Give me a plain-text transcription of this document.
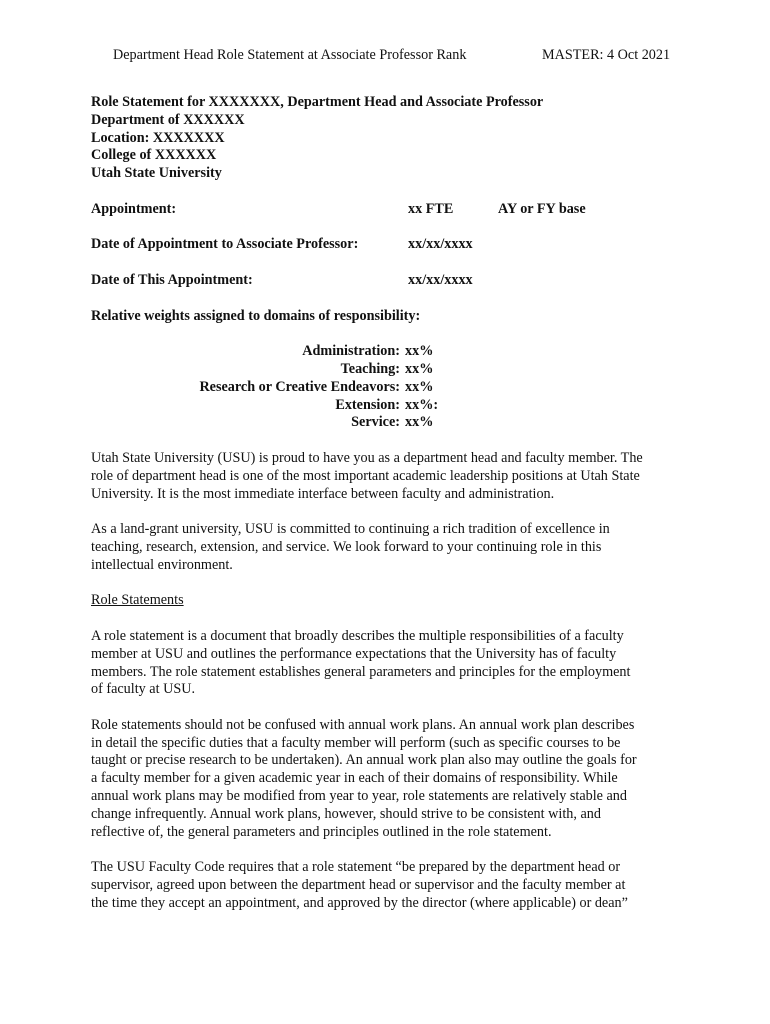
Department Head Role Statement at Associate Professor Rank	MASTER: 4 Oct 2021
Role Statement for XXXXXXX, Department Head and Associate Professor
Department of XXXXXX
Location: XXXXXXX
College of XXXXXX
Utah State University
Appointment:	xx FTE	AY or FY base
Date of Appointment to Associate Professor:	xx/xx/xxxx
Date of This Appointment:	xx/xx/xxxx
Relative weights assigned to domains of responsibility:
Administration: xx%
Teaching: xx%
Research or Creative Endeavors: xx%
Extension: xx%:
Service: xx%
Utah State University (USU) is proud to have you as a department head and faculty member. The
role of department head is one of the most important academic leadership positions at Utah State
University. It is the most immediate interface between faculty and administration.
As a land-grant university, USU is committed to continuing a rich tradition of excellence in
teaching, research, extension, and service. We look forward to your continuing role in this
intellectual environment.
Role Statements
A role statement is a document that broadly describes the multiple responsibilities of a faculty
member at USU and outlines the performance expectations that the University has of faculty
members. The role statement establishes general parameters and principles for the employment
of faculty at USU.
Role statements should not be confused with annual work plans. An annual work plan describes
in detail the specific duties that a faculty member will perform (such as specific courses to be
taught or precise research to be undertaken). An annual work plan also may outline the goals for
a faculty member for a given academic year in each of their domains of responsibility. While
annual work plans may be modified from year to year, role statements are relatively stable and
change infrequently. Annual work plans, however, should strive to be consistent with, and
reflective of, the general parameters and principles outlined in the role statement.
The USU Faculty Code requires that a role statement “be prepared by the department head or
supervisor, agreed upon between the department head or supervisor and the faculty member at
the time they accept an appointment, and approved by the director (where applicable) or dean”
